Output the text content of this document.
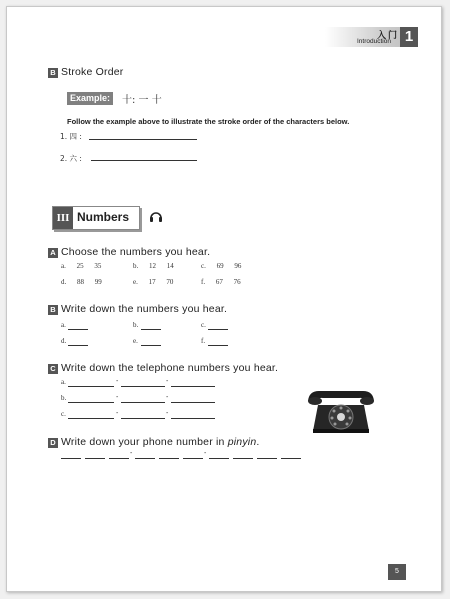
入门
Introduction 1
B Stroke Order
Example:	十: 一 十
Follow the example above to illustrate the stroke order of the characters below.
1. 四 :
2. 六 :
III Numbers
A Choose the numbers you hear.
a. 25 35	b. 12 14	c. 69 96
d. 88 99	e. 17 70	f. 67 76
B Write down the numbers you hear.
a.	b.	c.
d.	e.	f.
C Write down the telephone numbers you hear.
a.	-	-
b.	-	-
c.	-	-
D Write down your phone number in pinyin.
-	-
5
